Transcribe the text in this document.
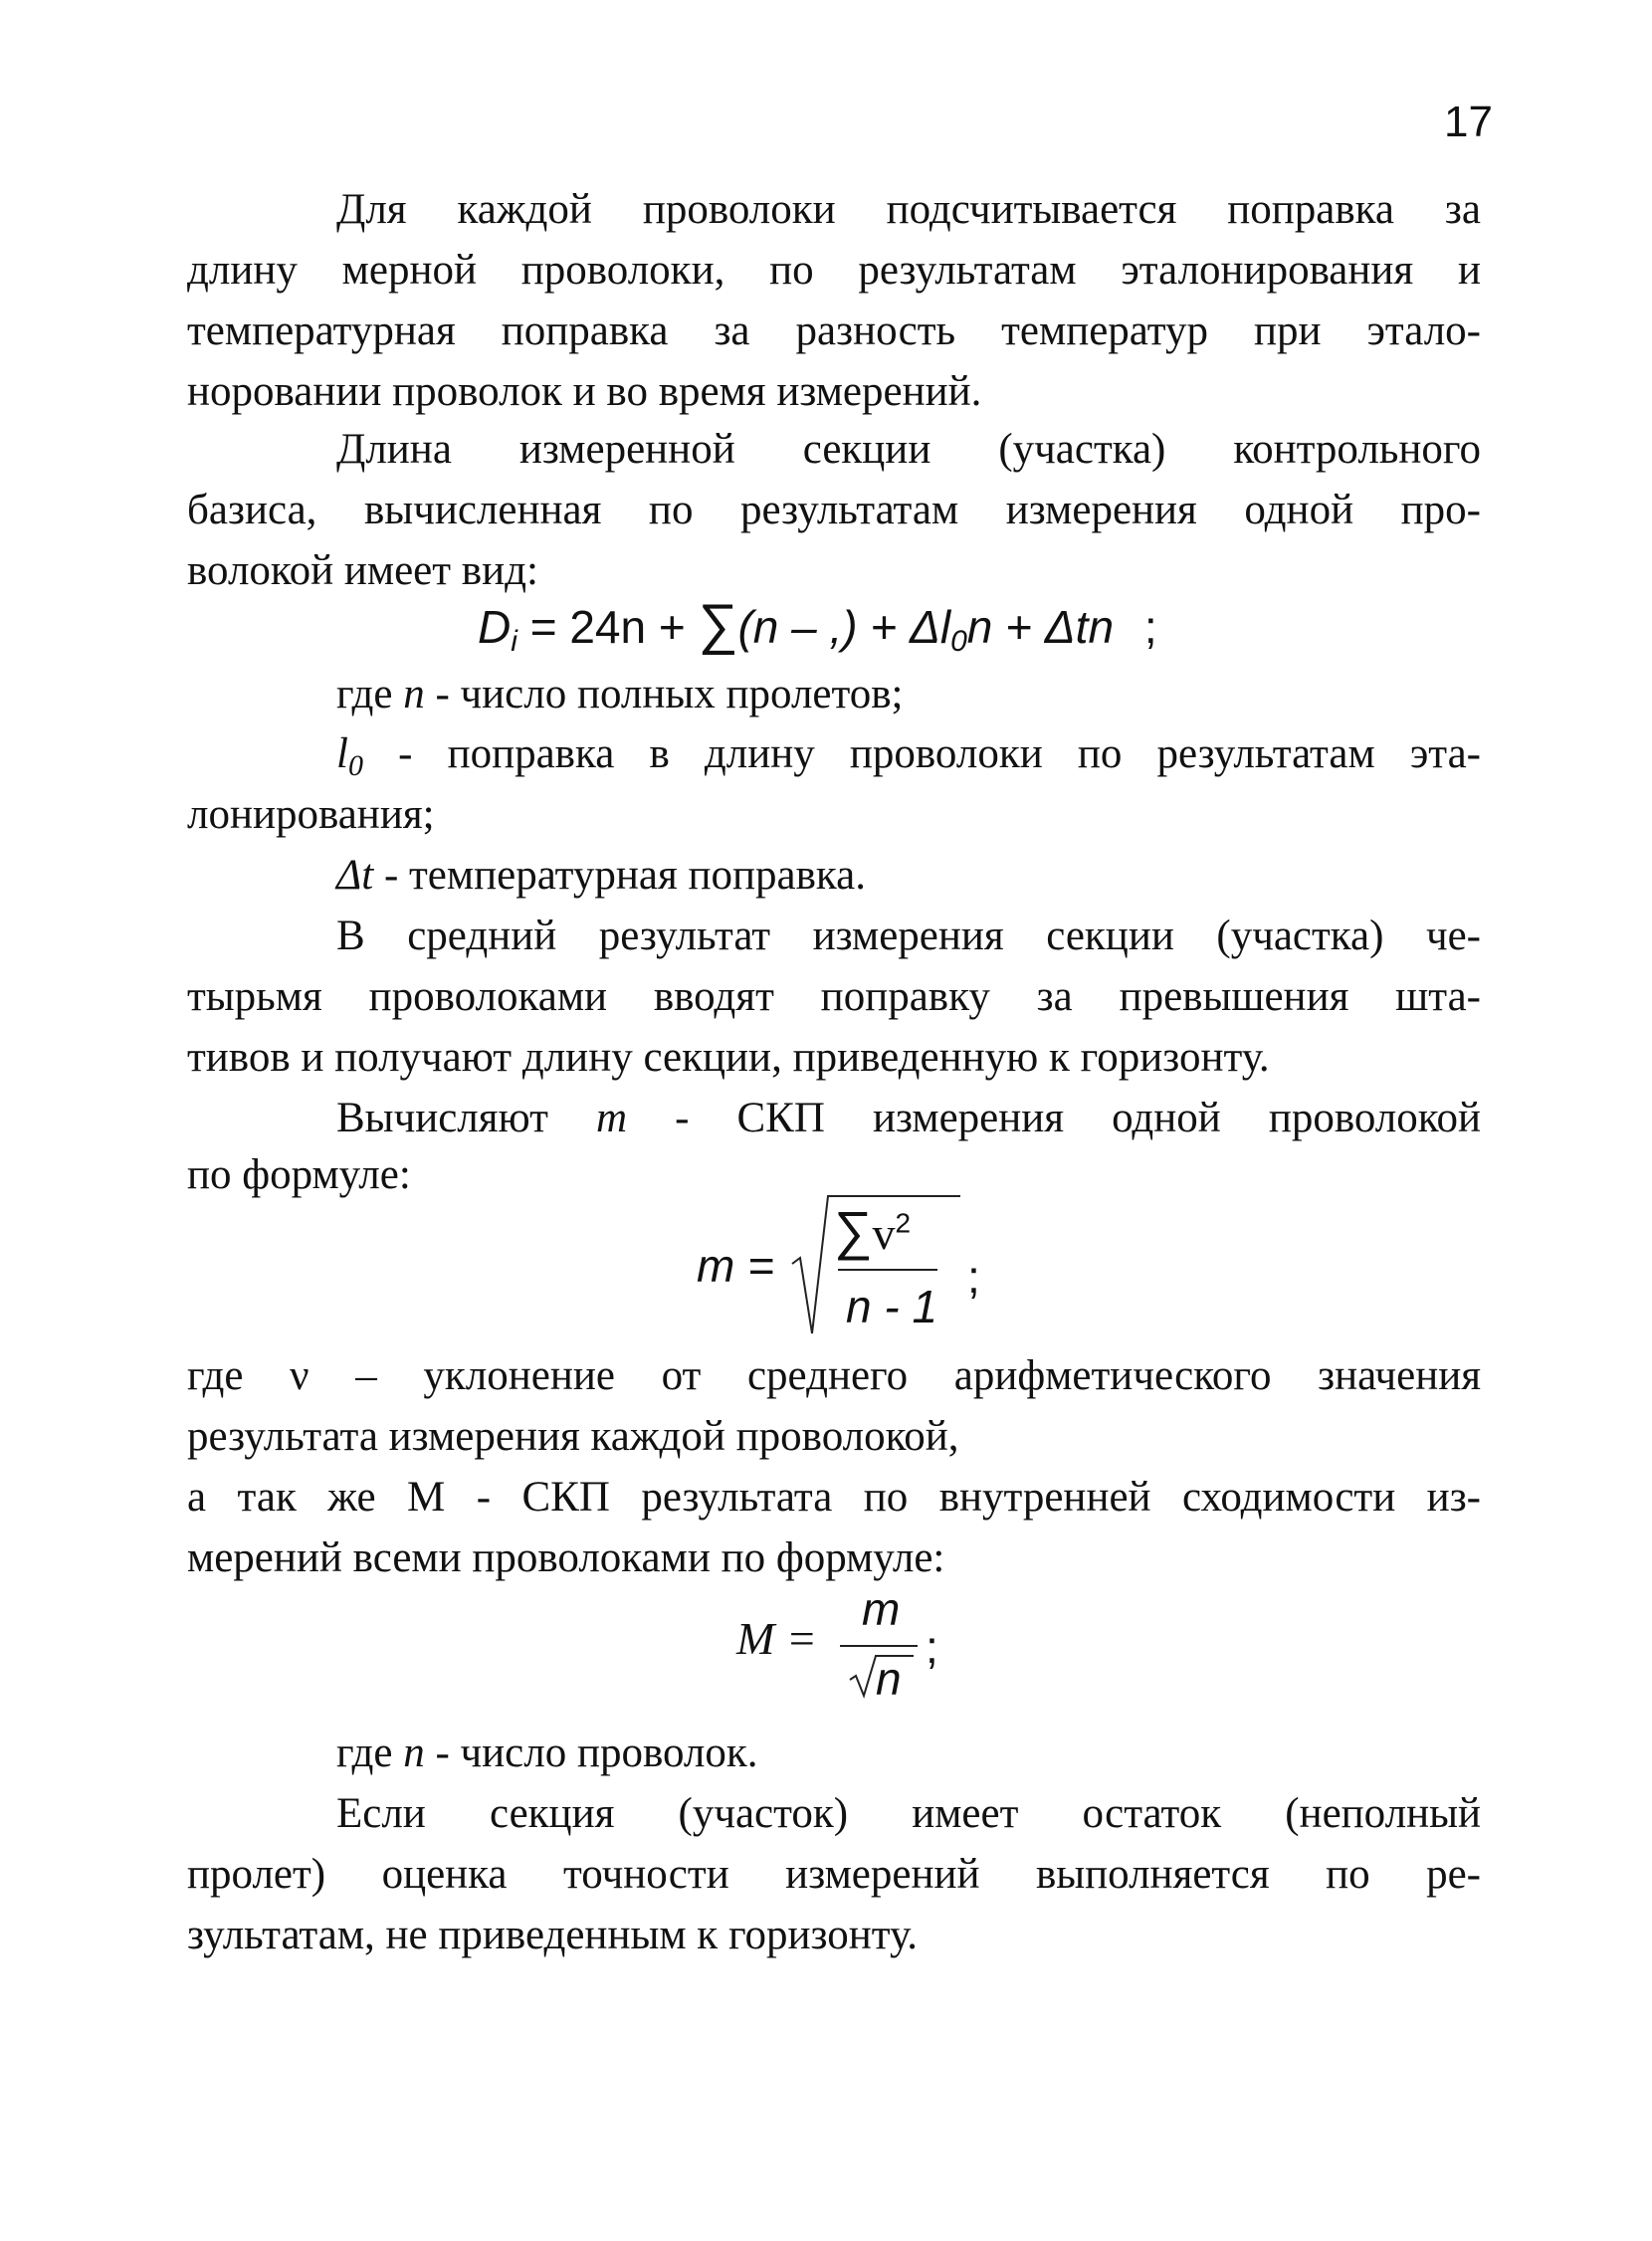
17
Для каждой проволоки подсчитывается поправка за
длину мерной проволоки, по результатам эталонирования и
температурная поправка за разность температур при этало-
норовании проволок и во время измерений.
Длина измеренной секции (участка) контрольного
базиса, вычисленная по результатам измерения одной про-
волокой имеет вид:
$D_i = 24n + \sum(n$ – ,) + $\Delta l_0n + \Delta tn$ ;
где n - число полных пролетов;
$l_0$ - поправка в длину проволоки по результатам эта-
лонирования;
Δt - температурная поправка.
В средний результат измерения секции (участка) че-
тырьмя проволоками вводят поправку за превышения шта-
тивов и получают длину секции, приведенную к горизонту.
Вычисляют m - СКП измерения одной проволокой
по формуле:
m =
$\sum v^2$
n - 1
;
где ν – уклонение от среднего арифметического значения
результата измерения каждой проволокой,
а так же М - СКП результата по внутренней сходимости из-
мерений всеми проволоками по формуле:
M =
m
n
;
где n - число проволок.
Если секция (участок) имеет остаток (неполный
пролет) оценка точности измерений выполняется по ре-
зультатам, не приведенным к горизонту.
